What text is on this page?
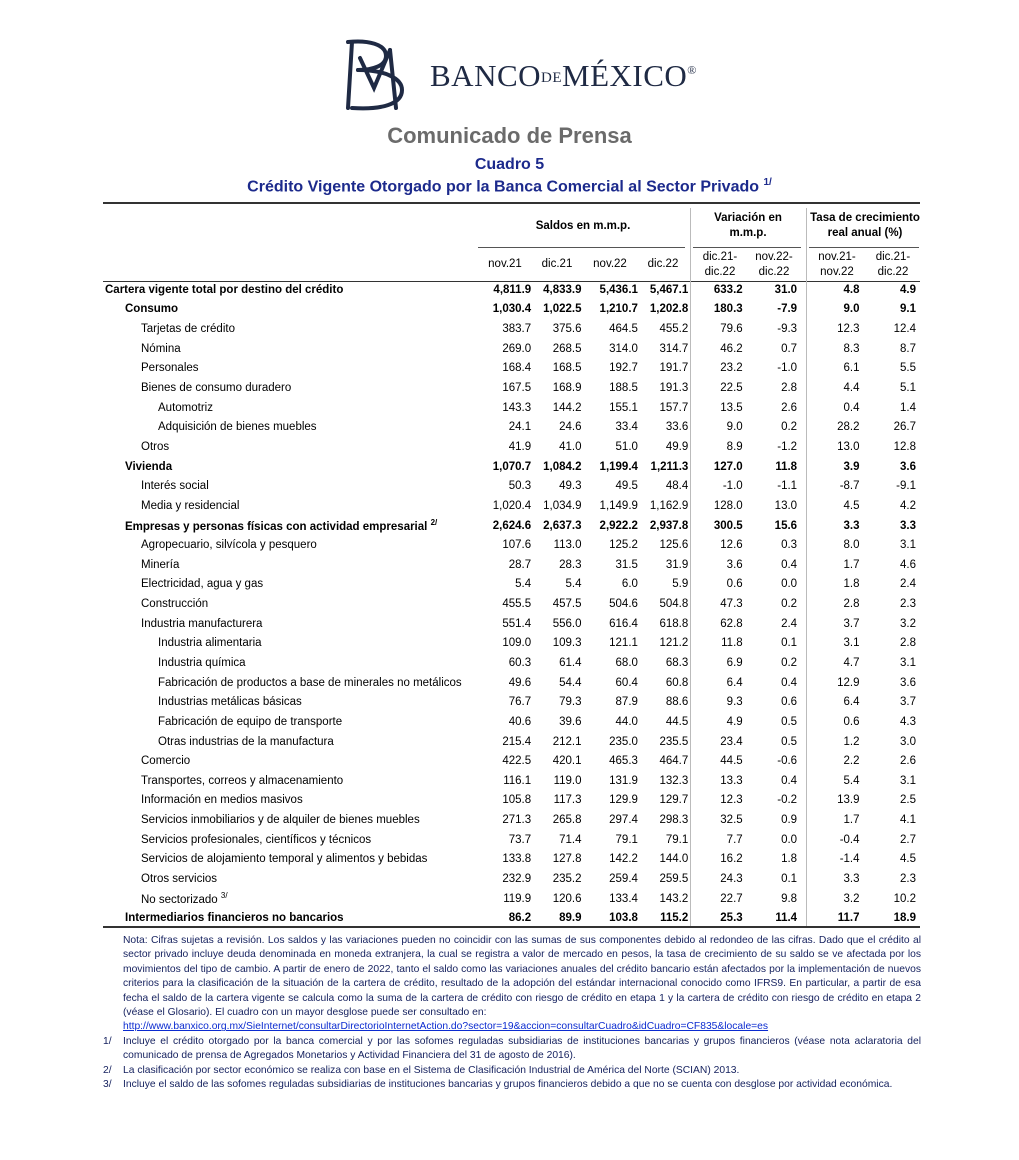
BANCODEMÉXICO®
Comunicado de Prensa
Cuadro 5
Crédito Vigente Otorgado por la Banca Comercial al Sector Privado $^{1/}$
Saldos en m.m.p.
Variación en
m.m.p.
Tasa de crecimiento
real anual (%)
nov.21	dic.21	nov.22	dic.22
dic.21-
dic.22
nov.22-
dic.22
nov.21-
nov.22
dic.21-
dic.22
Cartera vigente total por destino del crédito	4,811.9	4,833.9	5,436.1	5,467.1	633.2	31.0	4.8	4.9
Consumo	1,030.4	1,022.5	1,210.7	1,202.8	180.3	-7.9	9.0	9.1
Tarjetas de crédito	383.7	375.6	464.5	455.2	79.6	-9.3	12.3	12.4
Nómina	269.0	268.5	314.0	314.7	46.2	0.7	8.3	8.7
Personales	168.4	168.5	192.7	191.7	23.2	-1.0	6.1	5.5
Bienes de consumo duradero	167.5	168.9	188.5	191.3	22.5	2.8	4.4	5.1
Automotriz	143.3	144.2	155.1	157.7	13.5	2.6	0.4	1.4
Adquisición de bienes muebles	24.1	24.6	33.4	33.6	9.0	0.2	28.2	26.7
Otros	41.9	41.0	51.0	49.9	8.9	-1.2	13.0	12.8
Vivienda	1,070.7	1,084.2	1,199.4	1,211.3	127.0	11.8	3.9	3.6
Interés social	50.3	49.3	49.5	48.4	-1.0	-1.1	-8.7	-9.1
Media y residencial	1,020.4	1,034.9	1,149.9	1,162.9	128.0	13.0	4.5	4.2
Empresas y personas físicas con actividad empresarial $^{2/}$	2,624.6	2,637.3	2,922.2	2,937.8	300.5	15.6	3.3	3.3
Agropecuario, silvícola y pesquero	107.6	113.0	125.2	125.6	12.6	0.3	8.0	3.1
Minería	28.7	28.3	31.5	31.9	3.6	0.4	1.7	4.6
Electricidad, agua y gas	5.4	5.4	6.0	5.9	0.6	0.0	1.8	2.4
Construcción	455.5	457.5	504.6	504.8	47.3	0.2	2.8	2.3
Industria manufacturera	551.4	556.0	616.4	618.8	62.8	2.4	3.7	3.2
Industria alimentaria	109.0	109.3	121.1	121.2	11.8	0.1	3.1	2.8
Industria química	60.3	61.4	68.0	68.3	6.9	0.2	4.7	3.1
Fabricación de productos a base de minerales no metálicos	49.6	54.4	60.4	60.8	6.4	0.4	12.9	3.6
Industrias metálicas básicas	76.7	79.3	87.9	88.6	9.3	0.6	6.4	3.7
Fabricación de equipo de transporte	40.6	39.6	44.0	44.5	4.9	0.5	0.6	4.3
Otras industrias de la manufactura	215.4	212.1	235.0	235.5	23.4	0.5	1.2	3.0
Comercio	422.5	420.1	465.3	464.7	44.5	-0.6	2.2	2.6
Transportes, correos y almacenamiento	116.1	119.0	131.9	132.3	13.3	0.4	5.4	3.1
Información en medios masivos	105.8	117.3	129.9	129.7	12.3	-0.2	13.9	2.5
Servicios inmobiliarios y de alquiler de bienes muebles	271.3	265.8	297.4	298.3	32.5	0.9	1.7	4.1
Servicios profesionales, científicos y técnicos	73.7	71.4	79.1	79.1	7.7	0.0	-0.4	2.7
Servicios de alojamiento temporal y alimentos y bebidas	133.8	127.8	142.2	144.0	16.2	1.8	-1.4	4.5
Otros servicios	232.9	235.2	259.4	259.5	24.3	0.1	3.3	2.3
No sectorizado $^{3/}$	119.9	120.6	133.4	143.2	22.7	9.8	3.2	10.2
Intermediarios financieros no bancarios	86.2	89.9	103.8	115.2	25.3	11.4	11.7	18.9
Nota: Cifras sujetas a revisión. Los saldos y las variaciones pueden no coincidir con las sumas de sus componentes debido al redondeo de las cifras. Dado que el crédito al sector privado incluye deuda denominada en moneda extranjera, la cual se registra a valor de mercado en pesos, la tasa de crecimiento de su saldo se ve afectada por los movimientos del tipo de cambio. A partir de enero de 2022, tanto el saldo como las variaciones anuales del crédito bancario están afectados por la implementación de nuevos criterios para la clasificación de la situación de la cartera de crédito, resultado de la adopción del estándar internacional conocido como IFRS9. En particular, a partir de esa fecha el saldo de la cartera vigente se calcula como la suma de la cartera de crédito con riesgo de crédito en etapa 1 y la cartera de crédito con riesgo de crédito en etapa 2 (véase el Glosario). El cuadro con un mayor desglose puede ser consultado en:
http://www.banxico.org.mx/SieInternet/consultarDirectorioInternetAction.do?sector=19&accion=consultarCuadro&idCuadro=CF835&locale=es
1/	Incluye el crédito otorgado por la banca comercial y por las sofomes reguladas subsidiarias de instituciones bancarias y grupos financieros (véase nota aclaratoria del comunicado de prensa de Agregados Monetarios y Actividad Financiera del 31 de agosto de 2016).
2/	La clasificación por sector económico se realiza con base en el Sistema de Clasificación Industrial de América del Norte (SCIAN) 2013.
3/	Incluye el saldo de las sofomes reguladas subsidiarias de instituciones bancarias y grupos financieros debido a que no se cuenta con desglose por actividad económica.
